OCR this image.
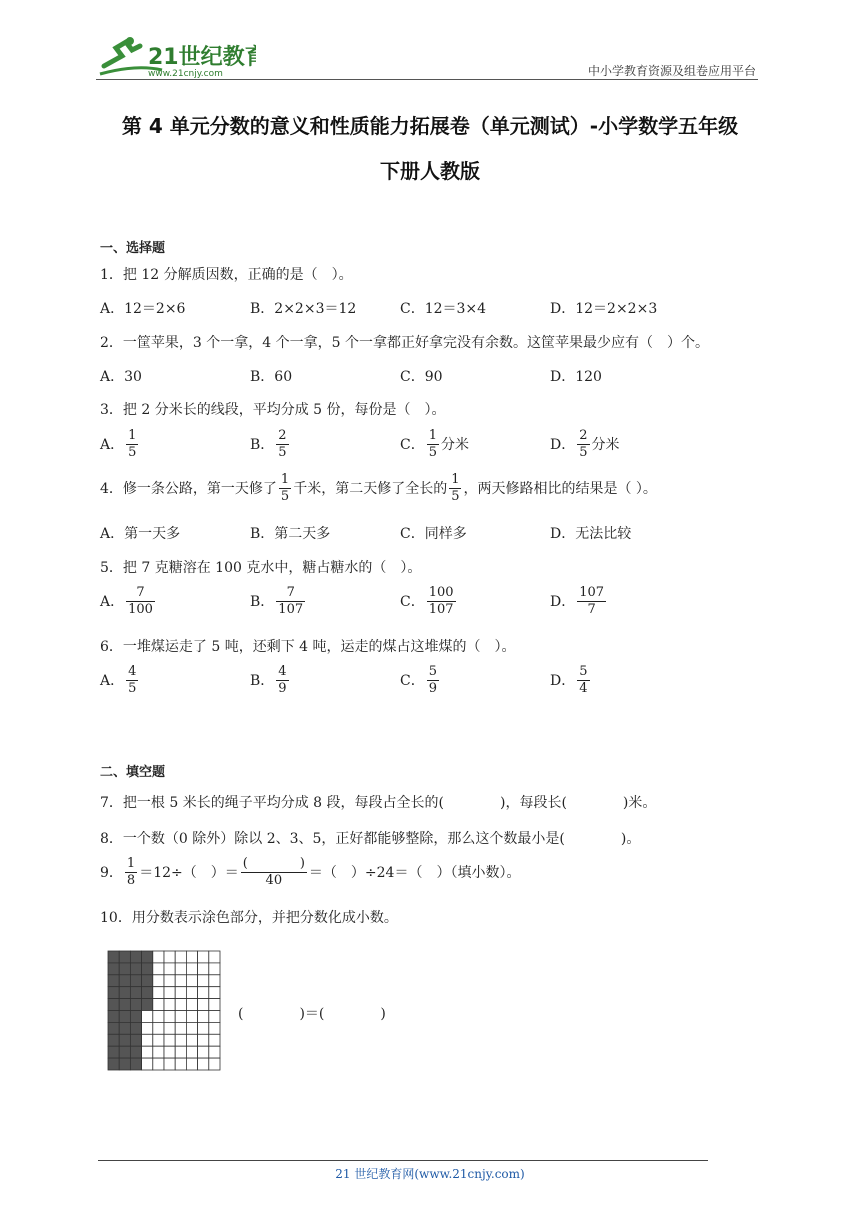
21世纪教育
www.21cnjy.com	中小学教育资源及组卷应用平台
第 4 单元分数的意义和性质能力拓展卷（单元测试）-小学数学五年级
下册人教版
一、选择题
1．把 12 分解质因数，正确的是（　）。
A．12＝2×6	B．2×2×3＝12	C．12＝3×4	D．12＝2×2×3
2．一筐苹果，3 个一拿，4 个一拿，5 个一拿都正好拿完没有余数。这筐苹果最少应有（　）个。
A．30	B．60	C．90	D．120
3．把 2 分米长的线段，平均分成 5 份，每份是（　）。
A． $\frac{1}{5}$	B． $\frac{2}{5}$	C． $\frac{1}{5}$ 分米	D． $\frac{2}{5}$ 分米
4．修一条公路，第一天修了 $\frac{1}{5}$ 千米，第二天修了全长的 $\frac{1}{5}$ ，两天修路相比的结果是（ ）。
A．第一天多	B．第二天多	C．同样多	D．无法比较
5．把 7 克糖溶在 100 克水中，糖占糖水的（　）。
A． $\frac{7}{100}$	B． $\frac{7}{107}$	C． $\frac{100}{107}$	D． $\frac{107}{7}$
6．一堆煤运走了 5 吨，还剩下 4 吨，运走的煤占这堆煤的（　）。
A． $\frac{4}{5}$	B． $\frac{4}{9}$	C． $\frac{5}{9}$	D． $\frac{5}{4}$
二、填空题
7．把一根 5 米长的绳子平均分成 8 段，每段占全长的(　　　　)，每段长(　　　　)米。
8．一个数（0 除外）除以 2、3、5，正好都能够整除，那么这个数最小是(　　　　)。
9． $\frac{1}{8} =12\div$（　）＝ $\frac{( )}{40}$ ＝（　）÷24＝（　）（填小数）。
10．用分数表示涂色部分，并把分数化成小数。
(　　　　)＝(　　　　)
21 世纪教育网(www.21cnjy.com)
